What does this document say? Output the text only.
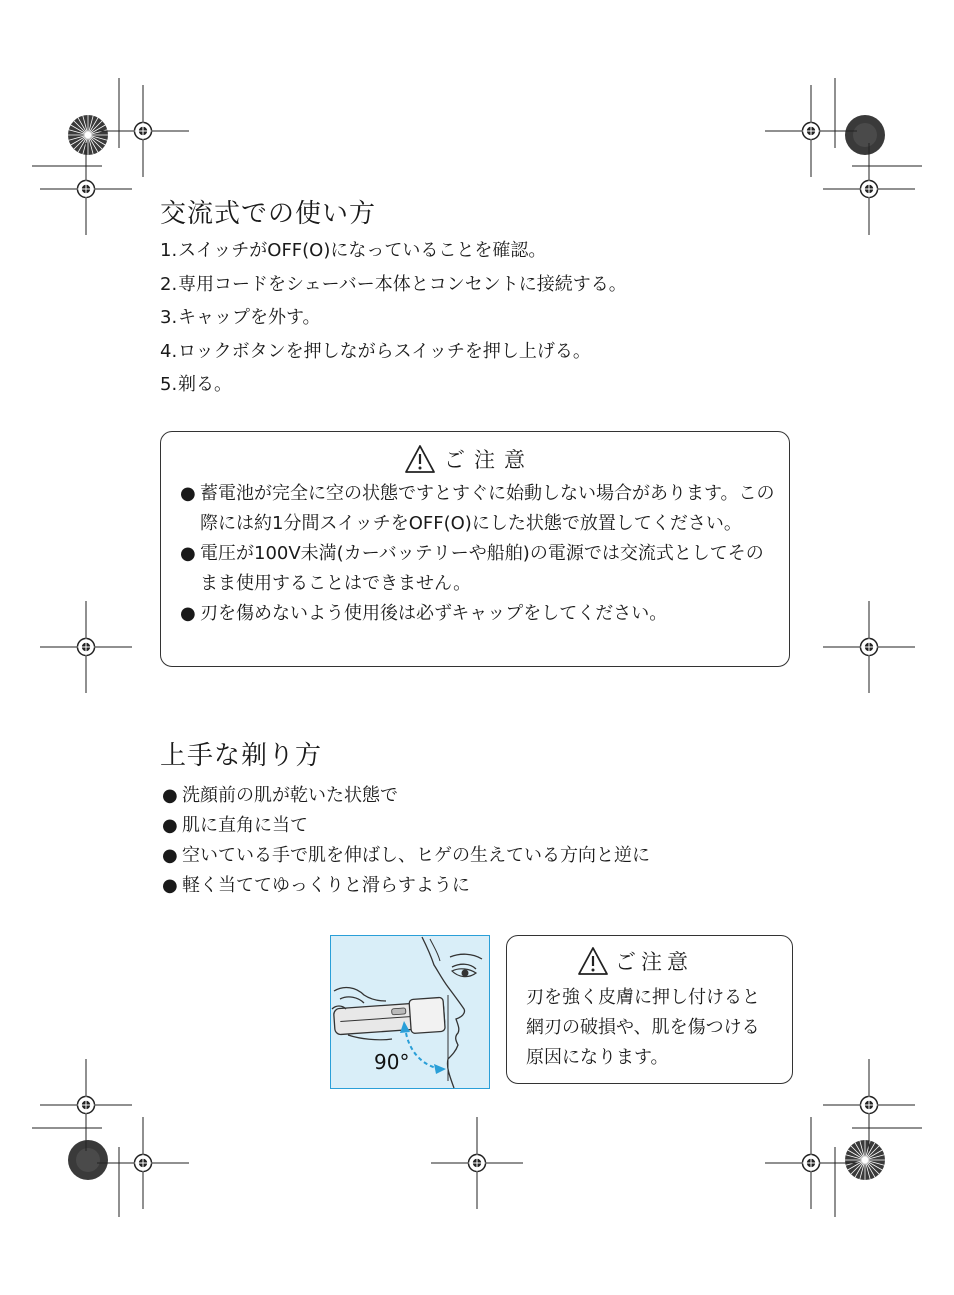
交流式での使い方
1. スイッチがOFF(O)になっていることを確認。
2. 専用コードをシェーバー本体とコンセントに接続する。
3. キャップを外す。
4. ロックボタンを押しながらスイッチを押し上げる。
5. 剃る。
ご注意
● 蓄電池が完全に空の状態ですとすぐに始動しない場合があります。この際には約1分間スイッチをOFF(O)にした状態で放置してください。
● 電圧が100V未満(カーバッテリーや船舶)の電源では交流式としてそのまま使用することはできません。
● 刃を傷めないよう使用後は必ずキャップをしてください。
上手な剃り方
● 洗顔前の肌が乾いた状態で
● 肌に直角に当て
● 空いている手で肌を伸ばし、ヒゲの生えている方向と逆に
● 軽く当ててゆっくりと滑らすように
90°
ご注意
刃を強く皮膚に押し付けると
網刃の破損や、肌を傷つける
原因になります。
